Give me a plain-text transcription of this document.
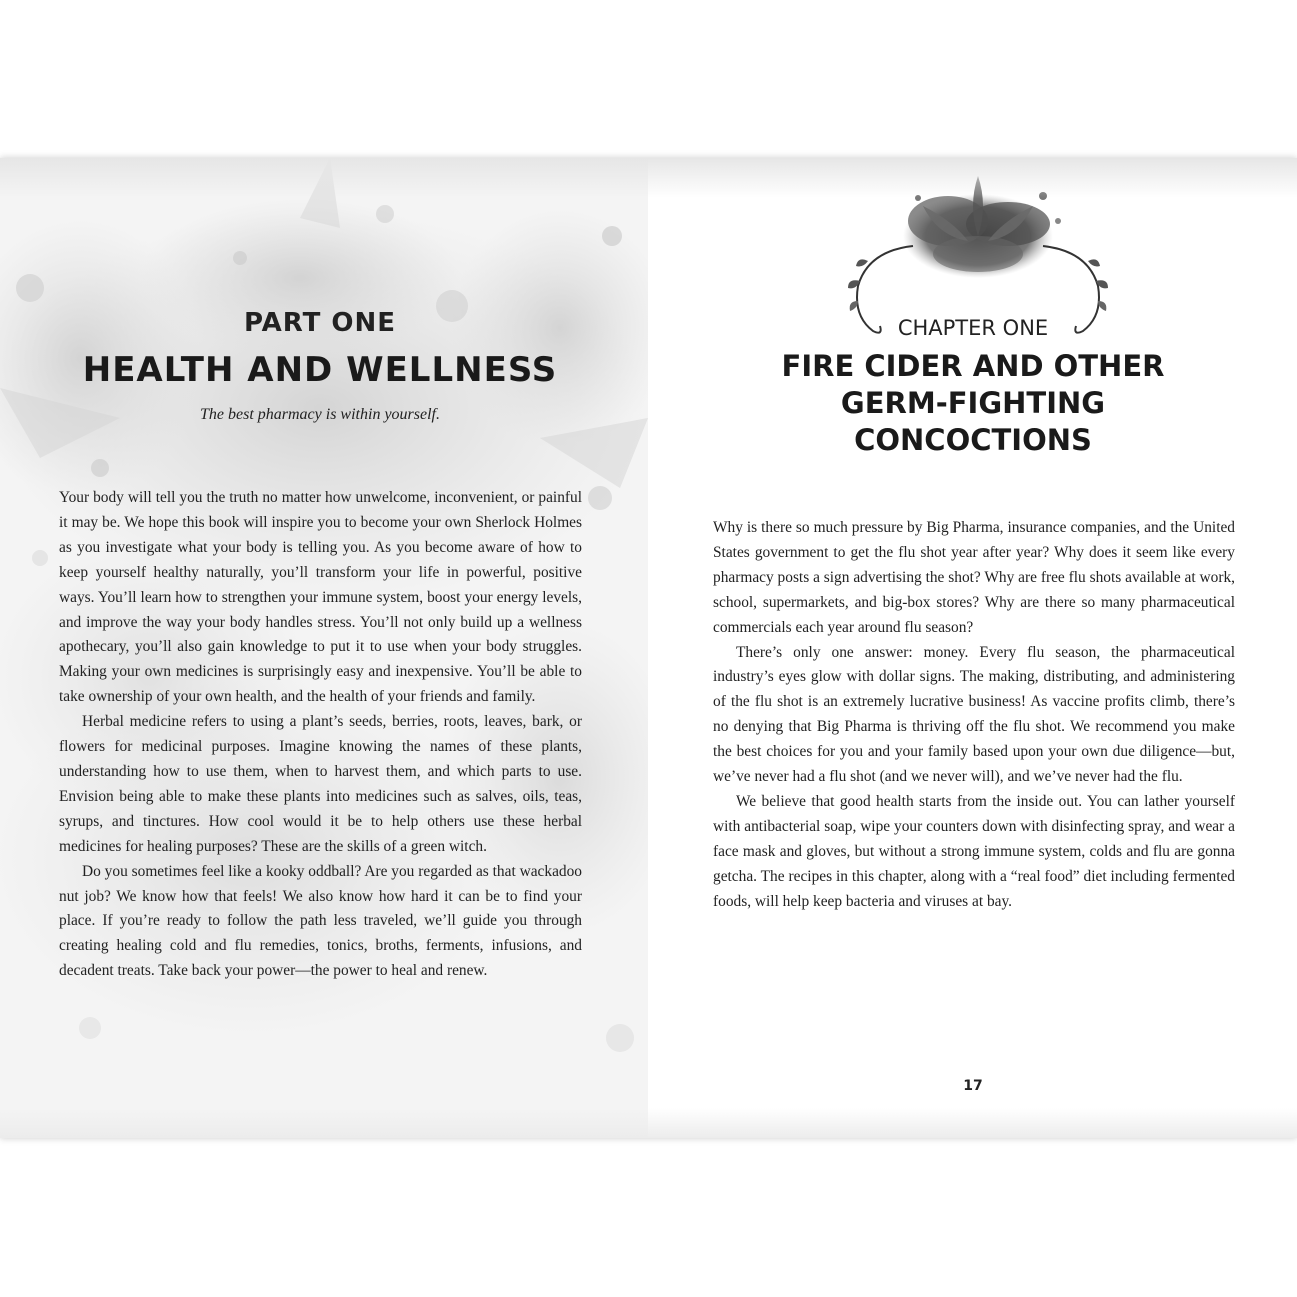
PART ONE
HEALTH AND WELLNESS
The best pharmacy is within yourself.

Your body will tell you the truth no matter how unwelcome, inconvenient, or painful it may be. We hope this book will inspire you to become your own Sherlock Holmes as you investigate what your body is telling you. As you become aware of how to keep yourself healthy naturally, you’ll transform your life in powerful, positive ways. You’ll learn how to strengthen your immune system, boost your energy levels, and improve the way your body handles stress. You’ll not only build up a wellness apothecary, you’ll also gain knowledge to put it to use when your body struggles. Making your own medicines is surprisingly easy and inexpensive. You’ll be able to take ownership of your own health, and the health of your friends and family.

Herbal medicine refers to using a plant’s seeds, berries, roots, leaves, bark, or flowers for medicinal purposes. Imagine knowing the names of these plants, understanding how to use them, when to harvest them, and which parts to use. Envision being able to make these plants into medicines such as salves, oils, teas, syrups, and tinctures. How cool would it be to help others use these herbal medicines for healing purposes? These are the skills of a green witch.

Do you sometimes feel like a kooky oddball? Are you regarded as that wackadoo nut job? We know how that feels! We also know how hard it can be to find your place. If you’re ready to follow the path less traveled, we’ll guide you through creating healing cold and flu remedies, tonics, broths, ferments, infusions, and decadent treats. Take back your power—the power to heal and renew.

CHAPTER ONE
FIRE CIDER AND OTHER
GERM-FIGHTING CONCOCTIONS

Why is there so much pressure by Big Pharma, insurance companies, and the United States government to get the flu shot year after year? Why does it seem like every pharmacy posts a sign advertising the shot? Why are free flu shots available at work, school, supermarkets, and big-box stores? Why are there so many pharmaceutical commercials each year around flu season?

There’s only one answer: money. Every flu season, the pharmaceutical industry’s eyes glow with dollar signs. The making, distributing, and administering of the flu shot is an extremely lucrative business! As vaccine profits climb, there’s no denying that Big Pharma is thriving off the flu shot. We recommend you make the best choices for you and your family based upon your own due diligence—but, we’ve never had a flu shot (and we never will), and we’ve never had the flu.

We believe that good health starts from the inside out. You can lather yourself with antibacterial soap, wipe your counters down with disinfecting spray, and wear a face mask and gloves, but without a strong immune system, colds and flu are gonna getcha. The recipes in this chapter, along with a “real food” diet including fermented foods, will help keep bacteria and viruses at bay.

17
